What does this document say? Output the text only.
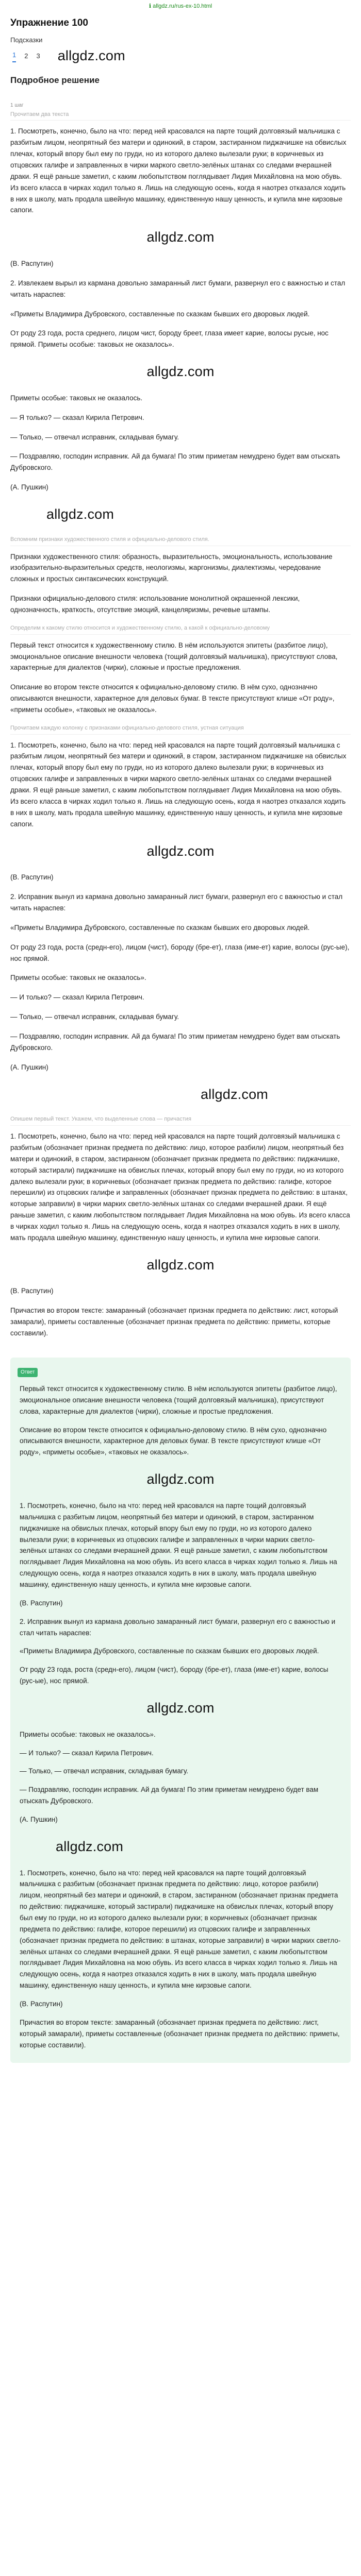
ℹ allgdz.ru/rus-ex-10.html
Упражнение 100
Подсказки
1 2 3 allgdz.com
Подробное решение
1 шаг
Прочитаем два текста

1. Посмотреть, конечно, было на что: перед ней красовался на парте тощий долговязый мальчишка с разбитым лицом, неопрятный без матери и одинокий, в старом, застиранном пиджачишке на обвислых плечах, который впору был ему по груди, но из которого далеко вылезали руки; в коричневых из отцовских галифе и заправленных в чирки маркого светло-зелёных штанах со следами вчерашней драки. Я ещё раньше заметил, с каким любопытством поглядывает Лидия Михайловна на мою обувь. Из всего класса в чирках ходил только я. Лишь на следующую осень, когда я наотрез отказался ходить в них в школу, мать продала швейную машинку, единственную нашу ценность, и купила мне кирзовые сапоги.

allgdz.com

(В. Распутин)

2. Извлекаем вырыл из кармана довольно замаранный лист бумаги, развернул его с важностью и стал читать нараспев:

«Приметы Владимира Дубровского, составленные по сказкам бывших его дворовых людей.

От роду 23 года, роста среднего, лицом чист, бороду бреет, глаза имеет карие, волосы русые, нос прямой. Приметы особые: таковых не оказалось».

allgdz.com

Приметы особые: таковых не оказалось.

— Я только? — сказал Кирила Петрович.

— Только, — отвечал исправник, складывая бумагу.

— Поздравляю, господин исправник. Ай да бумага! По этим приметам немудрено будет вам отыскать Дубровского.

(А. Пушкин)

allgdz.com
Вспомним признаки художественного стиля и официально-делового стиля.

Признаки художественного стиля: образность, выразительность, эмоциональность, использование изобразительно-выразительных средств, неологизмы, жаргонизмы, диалектизмы, чередование сложных и простых синтаксических конструкций.

Признаки официально-делового стиля: использование монолитной окрашенной лексики, однозначность, краткость, отсутствие эмоций, канцеляризмы, речевые штампы.

Определим к какому стилю относится и художественному стилю, а какой к официально-деловому

Первый текст относится к художественному стилю. В нём используются эпитеты (разбитое лицо), эмоциональное описание внешности человека (тощий долговязый мальчишка), присутствуют слова, характерные для диалектов (чирки), сложные и простые предложения.

Описание во втором тексте относится к официально-деловому стилю. В нём сухо, однозначно описываются внешности, характерное для деловых бумаг. В тексте присутствуют клише «От роду», «приметы особые», «таковых не оказалось».

Прочитаем каждую колонку с признаками официально-делового стиля, устная ситуация

1. Посмотреть, конечно, было на что: перед ней красовался на парте тощий долговязый мальчишка с разбитым лицом, неопрятный без матери и одинокий, в старом, застиранном пиджачишке на обвислых плечах, который впору был ему по груди, но из которого далеко вылезали руки; в коричневых из отцовских галифе и заправленных в чирки маркого светло-зелёных штанах со следами вчерашней драки. Я ещё раньше заметил, с каким любопытством поглядывает Лидия Михайловна на мою обувь. Из всего класса в чирках ходил только я. Лишь на следующую осень, когда я наотрез отказался ходить в них в школу, мать продала швейную машинку, единственную нашу ценность, и купила мне кирзовые сапоги.

allgdz.com

(В. Распутин)

2. Исправник вынул из кармана довольно замаранный лист бумаги, развернул его с важностью и стал читать нараспев:

«Приметы Владимира Дубровского, составленные по сказкам бывших его дворовых людей.

От роду 23 года, роста (средн-его), лицом (чист), бороду (бре-ет), глаза (име-ет) карие, волосы (рус-ые), нос прямой.

Приметы особые: таковых не оказалось».

— И только? — сказал Кирила Петрович.

— Только, — отвечал исправник, складывая бумагу.

— Поздравляю, господин исправник. Ай да бумага! По этим приметам немудрено будет вам отыскать Дубровского.

(А. Пушкин)

allgdz.com
Опишем первый текст. Укажем, что выделенные слова — причастия

1. Посмотреть, конечно, было на что: перед ней красовался на парте тощий долговязый мальчишка с разбитым (обозначает признак предмета по действию: лицо, которое разбили) лицом, неопрятный без матери и одинокий, в старом, застиранном (обозначает признак предмета по действию: пиджачишке, который застирали) пиджачишке на обвислых плечах, который впору был ему по груди, но из которого далеко вылезали руки; в коричневых (обозначает признак предмета по действию: галифе, которое перешили) из отцовских галифе и заправленных (обозначает признак предмета по действию: в штанах, которые заправили) в чирки марких светло-зелёных штанах со следами вчерашней драки. Я ещё раньше заметил, с каким любопытством поглядывает Лидия Михайловна на мою обувь. Из всего класса в чирках ходил только я. Лишь на следующую осень, когда я наотрез отказался ходить в них в школу, мать продала швейную машинку, единственную нашу ценность, и купила мне кирзовые сапоги.

allgdz.com

(В. Распутин)

Причастия во втором тексте: замаранный (обозначает признак предмета по действию: лист, который замарали), приметы составленные (обозначает признак предмета по действию: приметы, которые составили).

Ответ

Первый текст относится к художественному стилю. В нём используются эпитеты (разбитое лицо), эмоциональное описание внешности человека (тощий долговязый мальчишка), присутствуют слова, характерные для диалектов (чирки), сложные и простые предложения.

Описание во втором тексте относится к официально-деловому стилю. В нём сухо, однозначно описываются внешности, характерное для деловых бумаг. В тексте присутствуют клише «От роду», «приметы особые», «таковых не оказалось».

allgdz.com

1. Посмотреть, конечно, было на что: перед ней красовался на парте тощий долговязый мальчишка с разбитым лицом, неопрятный без матери и одинокий, в старом, застиранном пиджачишке на обвислых плечах, который впору был ему по груди, но из которого далеко вылезали руки; в коричневых из отцовских галифе и заправленных в чирки марких светло-зелёных штанах со следами вчерашней драки. Я ещё раньше заметил, с каким любопытством поглядывает Лидия Михайловна на мою обувь. Из всего класса в чирках ходил только я. Лишь на следующую осень, когда я наотрез отказался ходить в них в школу, мать продала швейную машинку, единственную нашу ценность, и купила мне кирзовые сапоги.

(В. Распутин)

2. Исправник вынул из кармана довольно замаранный лист бумаги, развернул его с важностью и стал читать нараспев:

«Приметы Владимира Дубровского, составленные по сказкам бывших его дворовых людей.

От роду 23 года, роста (средн-его), лицом (чист), бороду (бре-ет), глаза (име-ет) карие, волосы (рус-ые), нос прямой.

allgdz.com

Приметы особые: таковых не оказалось».

— И только? — сказал Кирила Петрович.

— Только, — отвечал исправник, складывая бумагу.

— Поздравляю, господин исправник. Ай да бумага! По этим приметам немудрено будет вам отыскать Дубровского.

(А. Пушкин)

allgdz.com

1. Посмотреть, конечно, было на что: перед ней красовался на парте тощий долговязый мальчишка с разбитым (обозначает признак предмета по действию: лицо, которое разбили) лицом, неопрятный без матери и одинокий, в старом, застиранном (обозначает признак предмета по действию: пиджачишке, который застирали) пиджачишке на обвислых плечах, который впору был ему по груди, но из которого далеко вылезали руки; в коричневых (обозначает признак предмета по действию: галифе, которое перешили) из отцовских галифе и заправленных (обозначает признак предмета по действию: в штанах, которые заправили) в чирки марких светло-зелёных штанах со следами вчерашней драки. Я ещё раньше заметил, с каким любопытством поглядывает Лидия Михайловна на мою обувь. Из всего класса в чирках ходил только я. Лишь на следующую осень, когда я наотрез отказался ходить в них в школу, мать продала швейную машинку, единственную нашу ценность, и купила мне кирзовые сапоги.

(В. Распутин)

Причастия во втором тексте: замаранный (обозначает признак предмета по действию: лист, который замарали), приметы составленные (обозначает признак предмета по действию: приметы, которые составили).
